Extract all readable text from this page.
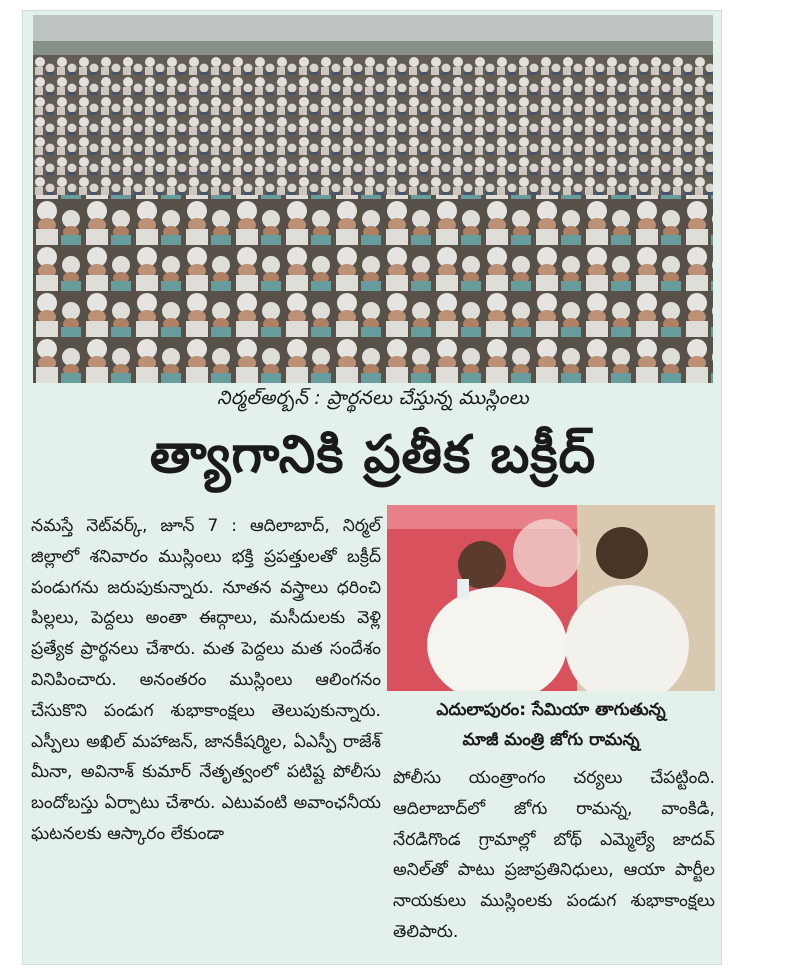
నిర్మల్‌అర్బన్‌ : ప్రార్థనలు చేస్తున్న ముస్లింలు
త్యాగానికి ప్రతీక బక్రీద్‌

నమస్తే నెట్‌వర్క్‌, జూన్‌ 7 : ఆదిలాబాద్‌, నిర్మల్‌ జిల్లాలో శనివారం ముస్లింలు భక్తి ప్రపత్తులతో బక్రీద్‌ పండుగను జరుపుకున్నారు. నూతన వస్త్రాలు ధరించి పిల్లలు, పెద్దలు అంతా ఈద్గాలు, మసీదులకు వెళ్లి ప్రత్యేక ప్రార్థనలు చేశారు. మత పెద్దలు మత సందేశం వినిపించారు. అనంతరం ముస్లింలు ఆలింగనం చేసుకొని పండుగ శుభాకాంక్షలు తెలుపుకున్నారు. ఎస్పీలు అఖిల్‌ మహాజన్‌, జానకీషర్మిల, ఏఎస్పీ రాజేశ్‌ మీనా, అవినాశ్‌ కుమార్‌ నేతృత్వంలో పటిష్ట పోలీసు బందోబస్తు ఏర్పాటు చేశారు. ఎటువంటి అవాంఛనీయ ఘటనలకు ఆస్కారం లేకుండా

ఎదులాపురం: సేమియా తాగుతున్న

మాజీ మంత్రి జోగు రామన్న

పోలీసు యంత్రాంగం చర్యలు చేపట్టింది. ఆదిలాబాద్‌లో జోగు రామన్న, వాంకిడి, నేరడిగొండ గ్రామాల్లో బోథ్‌ ఎమ్మెల్యే జాదవ్‌ అనిల్‌తో పాటు ప్రజాప్రతినిధులు, ఆయా పార్టీల నాయకులు ముస్లింలకు పండుగ శుభాకాంక్షలు తెలిపారు.
